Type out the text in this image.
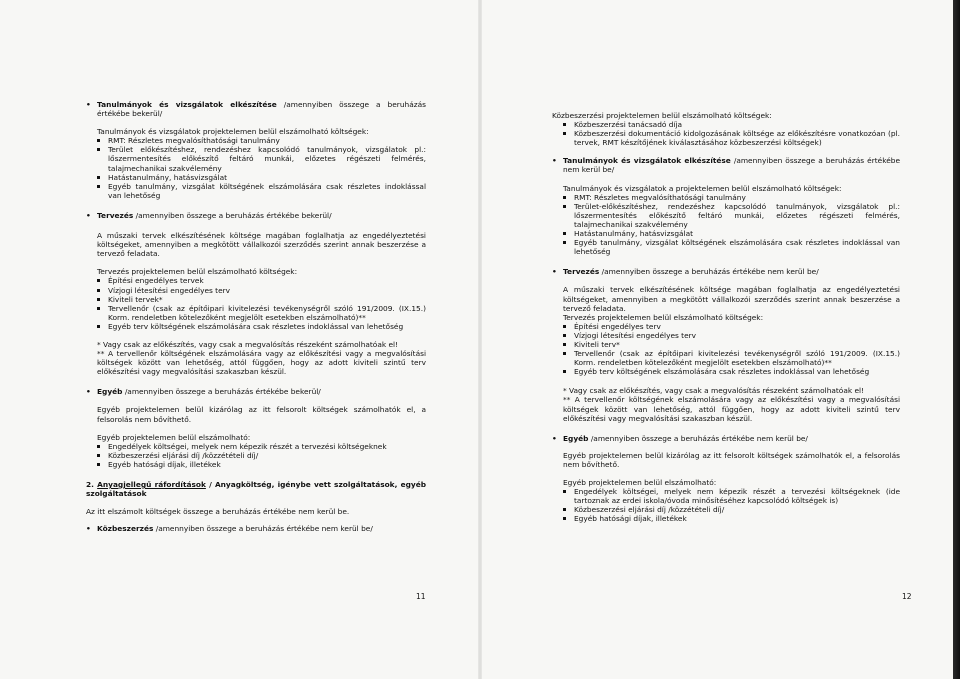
• Tanulmányok és vizsgálatok elkészítése /amennyiben összege a beruházás értékébe bekerül/

Tanulmányok és vizsgálatok projektelemen belül elszámolható költségek:

RMT: Részletes megvalósíthatósági tanulmány
Terület előkészítéshez, rendezéshez kapcsolódó tanulmányok, vizsgálatok pl.: lőszermentesítés előkészítő feltáró munkái, előzetes régészeti felmérés, talajmechanikai szakvélemény
Hatástanulmány, hatásvizsgálat
Egyéb tanulmány, vizsgálat költségének elszámolására csak részletes indoklással van lehetőség

• Tervezés /amennyiben összege a beruházás értékébe bekerül/

A műszaki tervek elkészítésének költsége magában foglalhatja az engedélyeztetési költségeket, amennyiben a megkötött vállalkozói szerződés szerint annak beszerzése a tervező feladata.

Tervezés projektelemen belül elszámolható költségek:

Építési engedélyes tervek
Vízjogi létesítési engedélyes terv
Kiviteli tervek*
Tervellenőr (csak az építőipari kivitelezési tevékenységről szóló 191/2009. (IX.15.) Korm. rendeletben kötelezőként megjelölt esetekben elszámolható)**
Egyéb terv költségének elszámolására csak részletes indoklással van lehetőség

* Vagy csak az előkészítés, vagy csak a megvalósítás részeként számolhatóak el!

** A tervellenőr költségének elszámolására vagy az előkészítési vagy a megvalósítási költségek között van lehetőség, attól függően, hogy az adott kiviteli szintű terv előkészítési vagy megvalósítási szakaszban készül.

• Egyéb /amennyiben összege a beruházás értékébe bekerül/

Egyéb projektelemen belül kizárólag az itt felsorolt költségek számolhatók el, a felsorolás nem bővíthető.

Egyéb projektelemen belül elszámolható:

Engedélyek költségei, melyek nem képezik részét a tervezési költségeknek
Közbeszerzési eljárási díj /közzétételi díj/
Egyéb hatósági díjak, illetékek

2. Anyagjellegű ráfordítások / Anyagköltség, igénybe vett szolgáltatások, egyéb szolgáltatások

Az itt elszámolt költségek összege a beruházás értékébe nem kerül be.

• Közbeszerzés /amennyiben összege a beruházás értékébe nem kerül be/

11

Közbeszerzési projektelemen belül elszámolható költségek:

Közbeszerzési tanácsadó díja
Közbeszerzési dokumentáció kidolgozásának költsége az előkészítésre vonatkozóan (pl. tervek, RMT készítőjének kiválasztásához közbeszerzési költségek)

• Tanulmányok és vizsgálatok elkészítése /amennyiben összege a beruházás értékébe nem kerül be/

Tanulmányok és vizsgálatok a projektelemen belül elszámolható költségek:

RMT: Részletes megvalósíthatósági tanulmány
Terület-előkészítéshez, rendezéshez kapcsolódó tanulmányok, vizsgálatok pl.: lőszermentesítés előkészítő feltáró munkái, előzetes régészeti felmérés, talajmechanikai szakvélemény
Hatástanulmány, hatásvizsgálat
Egyéb tanulmány, vizsgálat költségének elszámolására csak részletes indoklással van lehetőség

• Tervezés /amennyiben összege a beruházás értékébe nem kerül be/

A műszaki tervek elkészítésének költsége magában foglalhatja az engedélyeztetési költségeket, amennyiben a megkötött vállalkozói szerződés szerint annak beszerzése a tervező feladata.

Tervezés projektelemen belül elszámolható költségek:

Építési engedélyes terv
Vízjogi létesítési engedélyes terv
Kiviteli terv*
Tervellenőr (csak az építőipari kivitelezési tevékenységről szóló 191/2009. (IX.15.) Korm. rendeletben kötelezőként megjelölt esetekben elszámolható)**
Egyéb terv költségének elszámolására csak részletes indoklással van lehetőség

* Vagy csak az előkészítés, vagy csak a megvalósítás részeként számolhatóak el!

** A tervellenőr költségének elszámolására vagy az előkészítési vagy a megvalósítási költségek között van lehetőség, attól függően, hogy az adott kiviteli szintű terv előkészítési vagy megvalósítási szakaszban készül.

• Egyéb /amennyiben összege a beruházás értékébe nem kerül be/

Egyéb projektelemen belül kizárólag az itt felsorolt költségek számolhatók el, a felsorolás nem bővíthető.

Egyéb projektelemen belül elszámolható:

Engedélyek költségei, melyek nem képezik részét a tervezési költségeknek (ide tartoznak az erdei iskola/óvoda minősítéséhez kapcsolódó költségek is)
Közbeszerzési eljárási díj /közzétételi díj/
Egyéb hatósági díjak, illetékek
12
